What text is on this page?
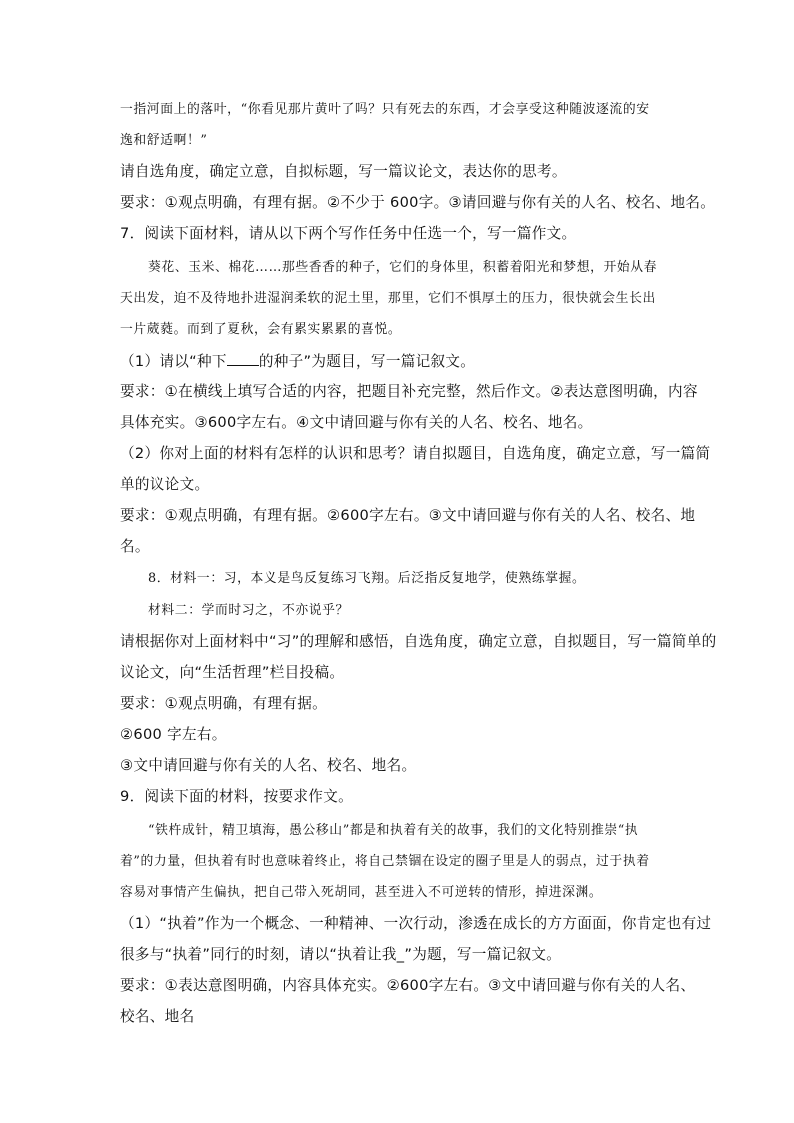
一指河面上的落叶，“你看见那片黄叶了吗？只有死去的东西，才会享受这种随波逐流的安
逸和舒适啊！”
请自选角度，确定立意，自拟标题，写一篇议论文，表达你的思考。
要求：①观点明确，有理有据。②不少于 600字。③请回避与你有关的人名、校名、地名。
7．阅读下面材料，请从以下两个写作任务中任选一个，写一篇作文。
葵花、玉米、棉花……那些香香的种子，它们的身体里，积蓄着阳光和梦想，开始从春
天出发，迫不及待地扑进湿润柔软的泥土里，那里，它们不惧厚土的压力，很快就会生长出
一片葳蕤。而到了夏秋，会有累实累累的喜悦。
（1）请以“种下 的种子”为题目，写一篇记叙文。
要求：①在横线上填写合适的内容，把题目补充完整，然后作文。②表达意图明确，内容
具体充实。③600字左右。④文中请回避与你有关的人名、校名、地名。
（2）你对上面的材料有怎样的认识和思考？请自拟题目，自选角度，确定立意，写一篇简
单的议论文。
要求：①观点明确，有理有据。②600字左右。③文中请回避与你有关的人名、校名、地
名。
8．材料一：习，本义是鸟反复练习飞翔。后泛指反复地学，使熟练掌握。
材料二：学而时习之，不亦说乎？
请根据你对上面材料中“习”的理解和感悟，自选角度，确定立意，自拟题目，写一篇简单的
议论文，向“生活哲理”栏目投稿。
要求：①观点明确，有理有据。
②600 字左右。
③文中请回避与你有关的人名、校名、地名。
9．阅读下面的材料，按要求作文。
“铁杵成针，精卫填海，愚公移山”都是和执着有关的故事，我们的文化特别推崇“执
着”的力量，但执着有时也意味着终止，将自己禁锢在设定的圈子里是人的弱点，过于执着
容易对事情产生偏执，把自己带入死胡同，甚至进入不可逆转的情形，掉进深渊。
（1）“执着”作为一个概念、一种精神、一次行动，渗透在成长的方方面面，你肯定也有过
很多与“执着”同行的时刻，请以“执着让我_”为题，写一篇记叙文。
要求：①表达意图明确，内容具体充实。②600字左右。③文中请回避与你有关的人名、
校名、地名
